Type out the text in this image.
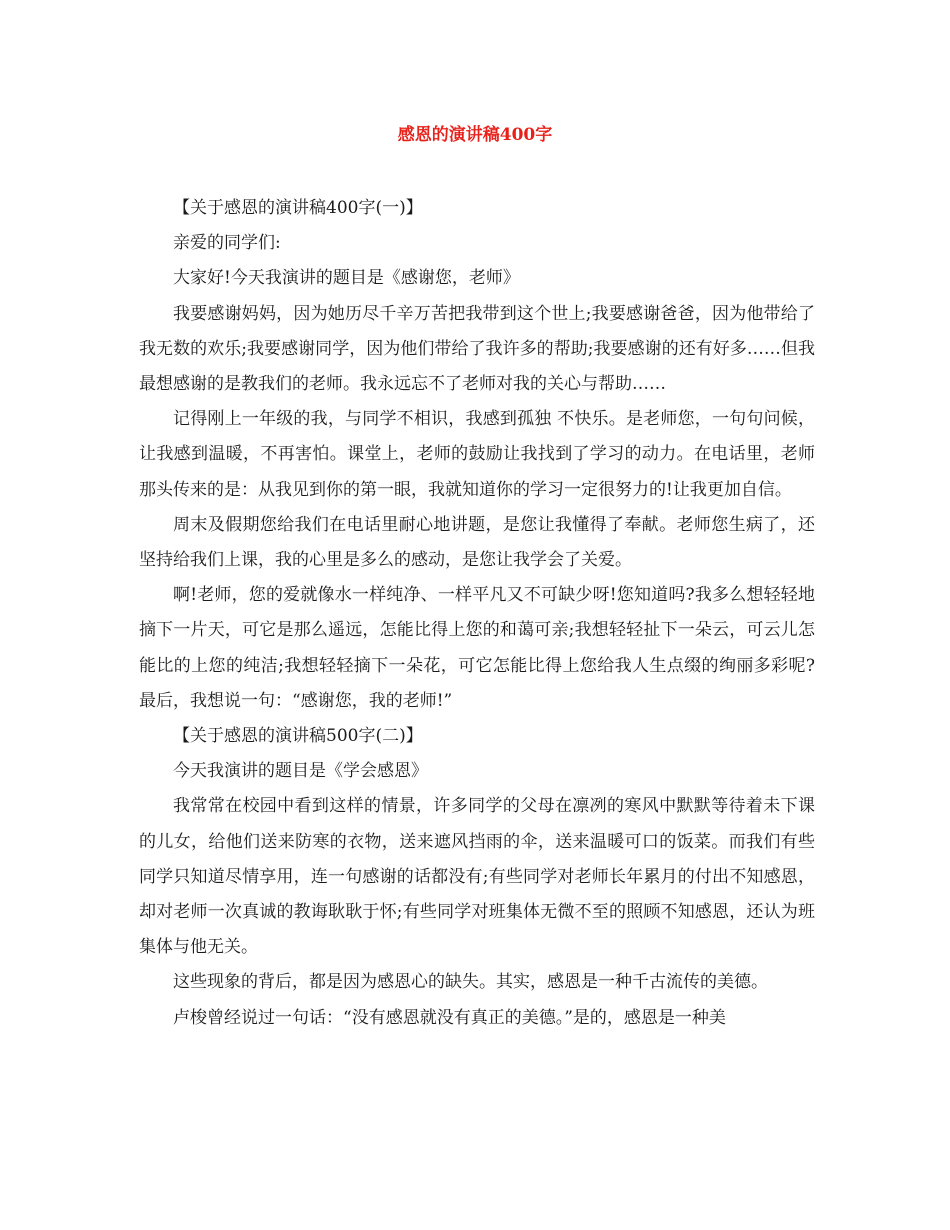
感恩的演讲稿400字

【关于感恩的演讲稿400字(一)】

亲爱的同学们:

大家好!今天我演讲的题目是《感谢您，老师》

我要感谢妈妈，因为她历尽千辛万苦把我带到这个世上;我要感谢爸爸，因为他带给了我无数的欢乐;我要感谢同学，因为他们带给了我许多的帮助;我要感谢的还有好多……但我最想感谢的是教我们的老师。我永远忘不了老师对我的关心与帮助……

记得刚上一年级的我，与同学不相识，我感到孤独 不快乐。是老师您，一句句问候，让我感到温暖，不再害怕。课堂上，老师的鼓励让我找到了学习的动力。在电话里，老师那头传来的是：从我见到你的第一眼，我就知道你的学习一定很努力的!让我更加自信。

周末及假期您给我们在电话里耐心地讲题，是您让我懂得了奉献。老师您生病了，还坚持给我们上课，我的心里是多么的感动，是您让我学会了关爱。

啊!老师，您的爱就像水一样纯净、一样平凡又不可缺少呀!您知道吗?我多么想轻轻地摘下一片天，可它是那么遥远，怎能比得上您的和蔼可亲;我想轻轻扯下一朵云，可云儿怎能比的上您的纯洁;我想轻轻摘下一朵花，可它怎能比得上您给我人生点缀的绚丽多彩呢?最后，我想说一句：“感谢您，我的老师!”

【关于感恩的演讲稿500字(二)】

今天我演讲的题目是《学会感恩》

我常常在校园中看到这样的情景，许多同学的父母在凛冽的寒风中默默等待着未下课的儿女，给他们送来防寒的衣物，送来遮风挡雨的伞，送来温暖可口的饭菜。而我们有些同学只知道尽情享用，连一句感谢的话都没有;有些同学对老师长年累月的付出不知感恩，却对老师一次真诚的教诲耿耿于怀;有些同学对班集体无微不至的照顾不知感恩，还认为班集体与他无关。

这些现象的背后，都是因为感恩心的缺失。其实，感恩是一种千古流传的美德。

卢梭曾经说过一句话：“没有感恩就没有真正的美德。”是的，感恩是一种美
